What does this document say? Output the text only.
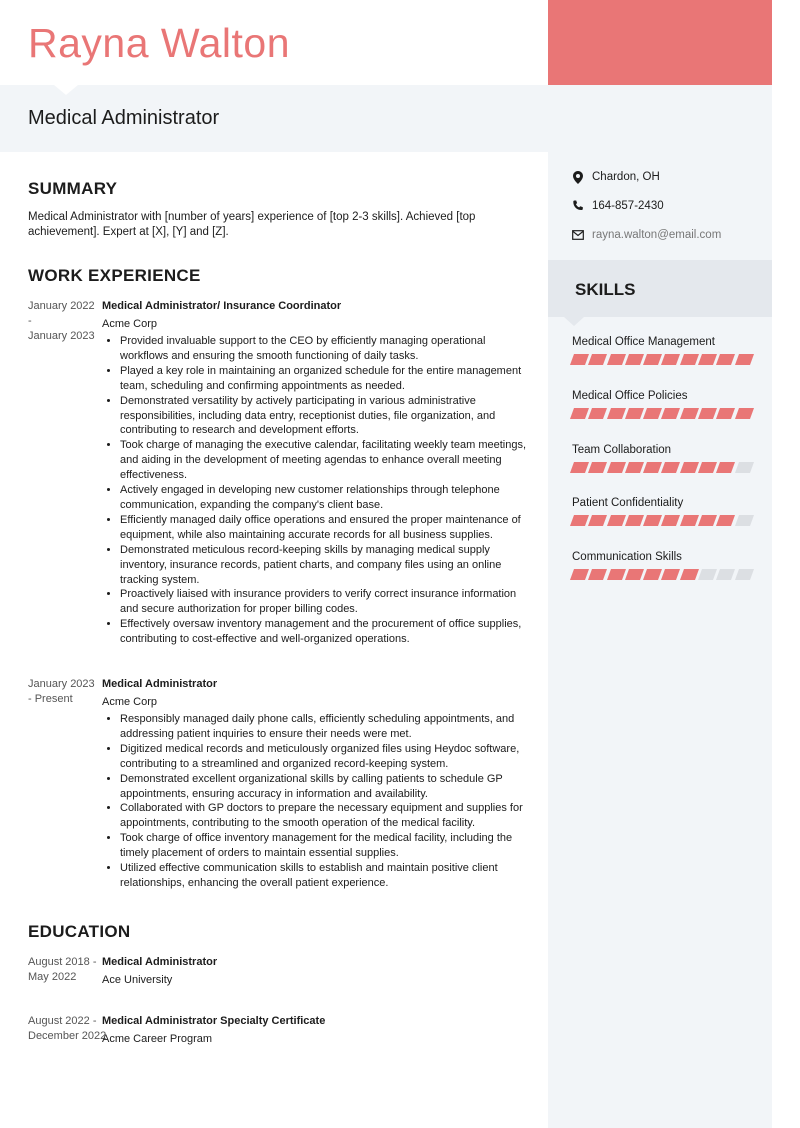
Rayna Walton
Medical Administrator
Chardon, OH
164-857-2430
rayna.walton@email.com
SKILLS
Medical Office Management
Medical Office Policies
Team Collaboration
Patient Confidentiality
Communication Skills
SUMMARY
Medical Administrator with [number of years] experience of [top 2-3 skills]. Achieved [top achievement]. Expert at [X], [Y] and [Z].
WORK EXPERIENCE
January 2022
-
January 2023
Medical Administrator/ Insurance Coordinator
Acme Corp
• Provided invaluable support to the CEO by efficiently managing operational workflows and ensuring the smooth functioning of daily tasks.
• Played a key role in maintaining an organized schedule for the entire management team, scheduling and confirming appointments as needed.
• Demonstrated versatility by actively participating in various administrative responsibilities, including data entry, receptionist duties, file organization, and contributing to research and development efforts.
• Took charge of managing the executive calendar, facilitating weekly team meetings, and aiding in the development of meeting agendas to enhance overall meeting effectiveness.
• Actively engaged in developing new customer relationships through telephone communication, expanding the company's client base.
• Efficiently managed daily office operations and ensured the proper maintenance of equipment, while also maintaining accurate records for all business supplies.
• Demonstrated meticulous record-keeping skills by managing medical supply inventory, insurance records, patient charts, and company files using an online tracking system.
• Proactively liaised with insurance providers to verify correct insurance information and secure authorization for proper billing codes.
• Effectively oversaw inventory management and the procurement of office supplies, contributing to cost-effective and well-organized operations.
January 2023
- Present
Medical Administrator
Acme Corp
• Responsibly managed daily phone calls, efficiently scheduling appointments, and addressing patient inquiries to ensure their needs were met.
• Digitized medical records and meticulously organized files using Heydoc software, contributing to a streamlined and organized record-keeping system.
• Demonstrated excellent organizational skills by calling patients to schedule GP appointments, ensuring accuracy in information and availability.
• Collaborated with GP doctors to prepare the necessary equipment and supplies for appointments, contributing to the smooth operation of the medical facility.
• Took charge of office inventory management for the medical facility, including the timely placement of orders to maintain essential supplies.
• Utilized effective communication skills to establish and maintain positive client relationships, enhancing the overall patient experience.
EDUCATION
August 2018 -
May 2022
Medical Administrator
Ace University
August 2022 -
December 2022
Medical Administrator Specialty Certificate
Acme Career Program
